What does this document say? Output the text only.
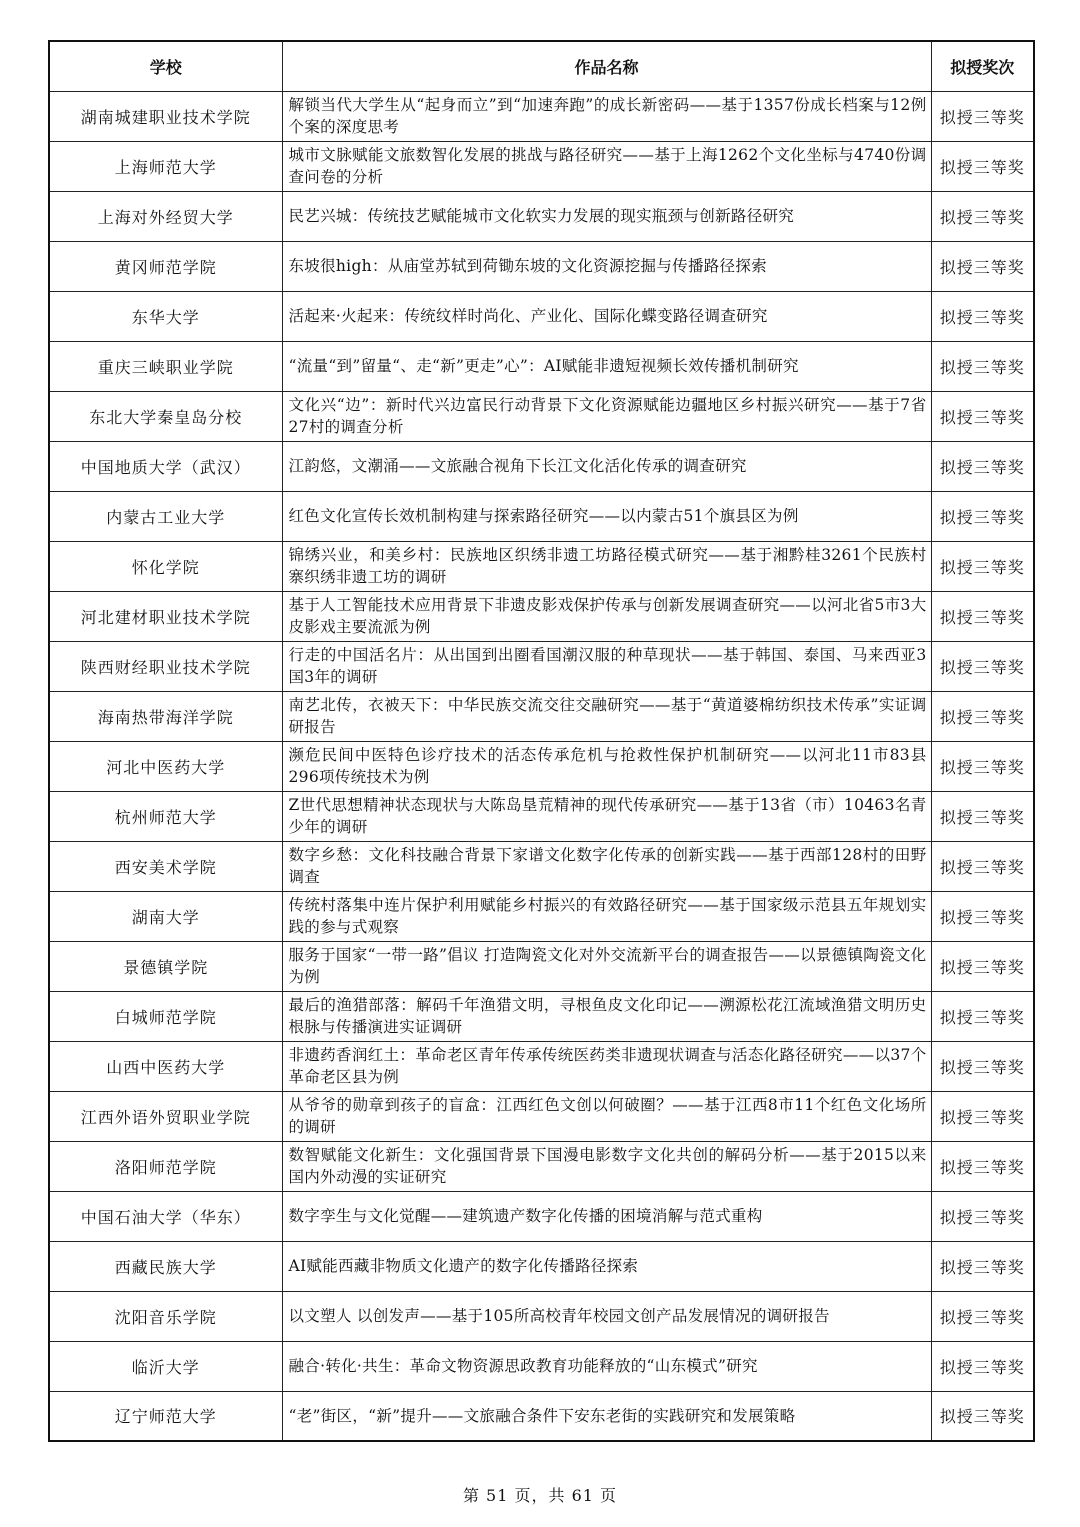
学校	作品名称	拟授奖次
湖南城建职业技术学院	解锁当代大学生从“起身而立”到“加速奔跑”的成长新密码——基于1357份成长档案与12例个案的深度思考	拟授三等奖
上海师范大学	城市文脉赋能文旅数智化发展的挑战与路径研究——基于上海1262个文化坐标与4740份调查问卷的分析	拟授三等奖
上海对外经贸大学	民艺兴城：传统技艺赋能城市文化软实力发展的现实瓶颈与创新路径研究	拟授三等奖
黄冈师范学院	东坡很high：从庙堂苏轼到荷锄东坡的文化资源挖掘与传播路径探索	拟授三等奖
东华大学	活起来·火起来：传统纹样时尚化、产业化、国际化蝶变路径调查研究	拟授三等奖
重庆三峡职业学院	“流量“到”留量“、走“新”更走”心”：AI赋能非遗短视频长效传播机制研究	拟授三等奖
东北大学秦皇岛分校	文化兴“边”：新时代兴边富民行动背景下文化资源赋能边疆地区乡村振兴研究——基于7省27村的调查分析	拟授三等奖
中国地质大学（武汉）	江韵悠，文潮涌——文旅融合视角下长江文化活化传承的调查研究	拟授三等奖
内蒙古工业大学	红色文化宣传长效机制构建与探索路径研究——以内蒙古51个旗县区为例	拟授三等奖
怀化学院	锦绣兴业，和美乡村：民族地区织绣非遗工坊路径模式研究——基于湘黔桂3261个民族村寨织绣非遗工坊的调研	拟授三等奖
河北建材职业技术学院	基于人工智能技术应用背景下非遗皮影戏保护传承与创新发展调查研究——以河北省5市3大皮影戏主要流派为例	拟授三等奖
陕西财经职业技术学院	行走的中国活名片：从出国到出圈看国潮汉服的种草现状——基于韩国、泰国、马来西亚3国3年的调研	拟授三等奖
海南热带海洋学院	南艺北传，衣被天下：中华民族交流交往交融研究——基于“黄道婆棉纺织技术传承”实证调研报告	拟授三等奖
河北中医药大学	濒危民间中医特色诊疗技术的活态传承危机与抢救性保护机制研究——以河北11市83县296项传统技术为例	拟授三等奖
杭州师范大学	Z世代思想精神状态现状与大陈岛垦荒精神的现代传承研究——基于13省（市）10463名青少年的调研	拟授三等奖
西安美术学院	数字乡愁：文化科技融合背景下家谱文化数字化传承的创新实践——基于西部128村的田野调查	拟授三等奖
湖南大学	传统村落集中连片保护利用赋能乡村振兴的有效路径研究——基于国家级示范县五年规划实践的参与式观察	拟授三等奖
景德镇学院	服务于国家“一带一路”倡议 打造陶瓷文化对外交流新平台的调查报告——以景德镇陶瓷文化为例	拟授三等奖
白城师范学院	最后的渔猎部落：解码千年渔猎文明，寻根鱼皮文化印记——溯源松花江流域渔猎文明历史根脉与传播演进实证调研	拟授三等奖
山西中医药大学	非遗药香润红土：革命老区青年传承传统医药类非遗现状调查与活态化路径研究——以37个革命老区县为例	拟授三等奖
江西外语外贸职业学院	从爷爷的勋章到孩子的盲盒：江西红色文创以何破圈？——基于江西8市11个红色文化场所的调研	拟授三等奖
洛阳师范学院	数智赋能文化新生：文化强国背景下国漫电影数字文化共创的解码分析——基于2015以来国内外动漫的实证研究	拟授三等奖
中国石油大学（华东）	数字孪生与文化觉醒——建筑遗产数字化传播的困境消解与范式重构	拟授三等奖
西藏民族大学	AI赋能西藏非物质文化遗产的数字化传播路径探索	拟授三等奖
沈阳音乐学院	以文塑人 以创发声——基于105所高校青年校园文创产品发展情况的调研报告	拟授三等奖
临沂大学	融合·转化·共生：革命文物资源思政教育功能释放的“山东模式”研究	拟授三等奖
辽宁师范大学	“老”街区，“新”提升——文旅融合条件下安东老街的实践研究和发展策略	拟授三等奖
第 51 页，共 61 页
